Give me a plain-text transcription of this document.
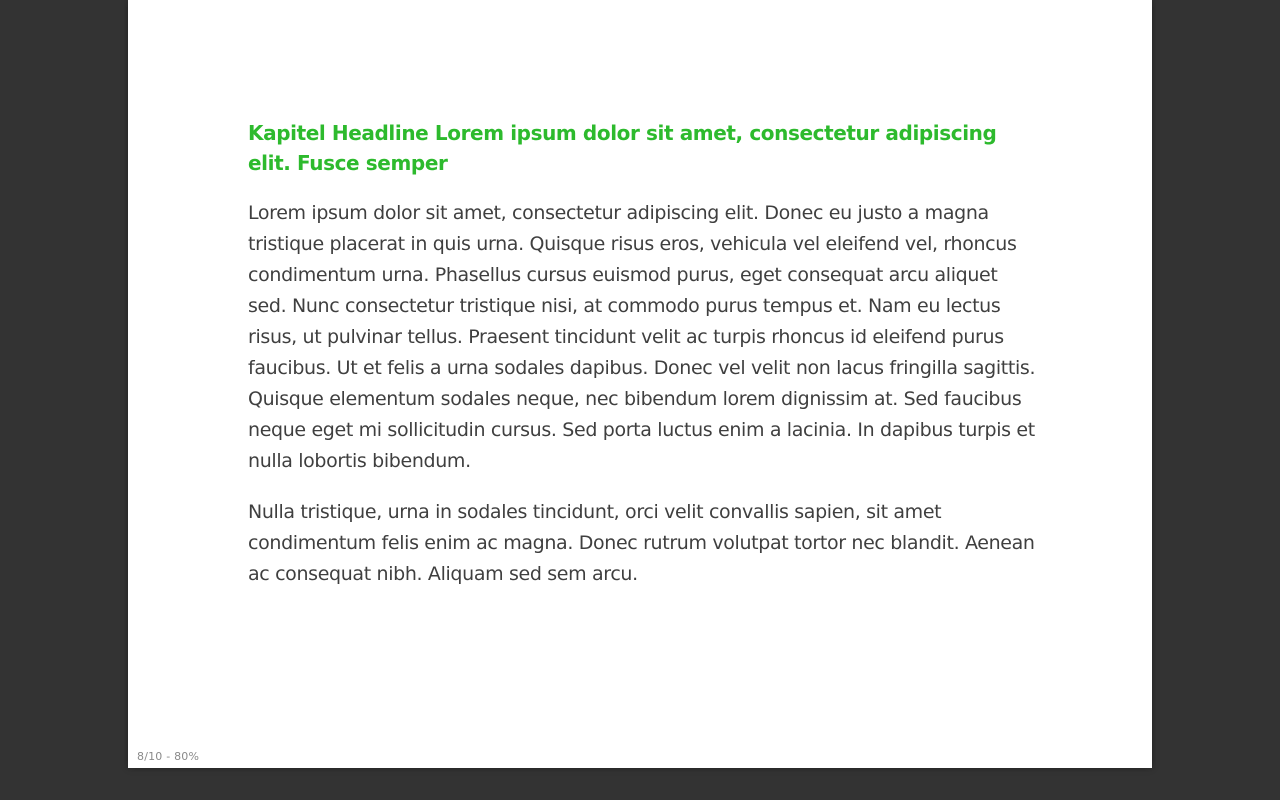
Kapitel Headline Lorem ipsum dolor sit amet, consectetur adipiscing elit. Fusce semper

Lorem ipsum dolor sit amet, consectetur adipiscing elit. Donec eu justo a magna tristique placerat in quis urna. Quisque risus eros, vehicula vel eleifend vel, rhoncus condimentum urna. Phasellus cursus euismod purus, eget consequat arcu aliquet sed. Nunc consectetur tristique nisi, at commodo purus tempus et. Nam eu lectus risus, ut pulvinar tellus. Praesent tincidunt velit ac turpis rhoncus id eleifend purus faucibus. Ut et felis a urna sodales dapibus. Donec vel velit non lacus fringilla sagittis. Quisque elementum sodales neque, nec bibendum lorem dignissim at. Sed faucibus neque eget mi sollicitudin cursus. Sed porta luctus enim a lacinia. In dapibus turpis et nulla lobortis bibendum.

Nulla tristique, urna in sodales tincidunt, orci velit convallis sapien, sit amet condimentum felis enim ac magna. Donec rutrum volutpat tortor nec blandit. Aenean ac consequat nibh. Aliquam sed sem arcu.

8/10 - 80%
